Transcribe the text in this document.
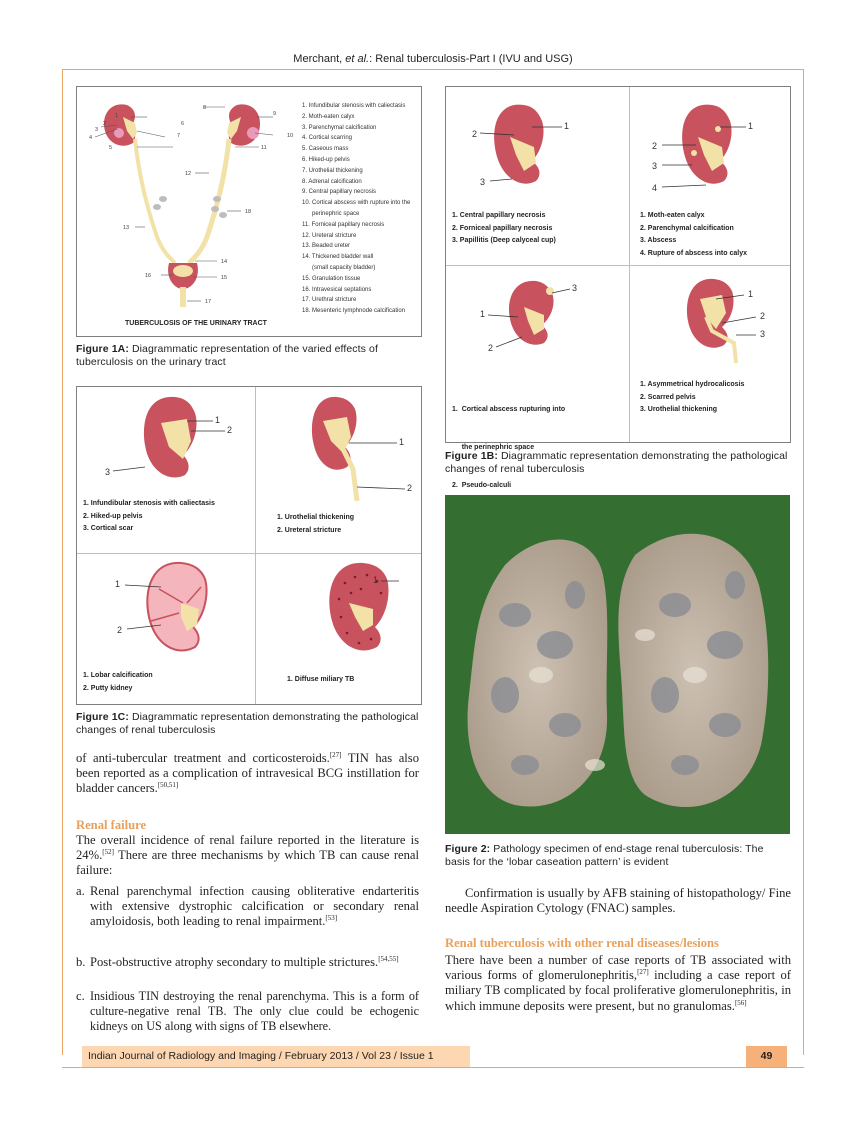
Merchant, et al.: Renal tuberculosis-Part I (IVU and USG)
1
2
3
4
5
6
7
8
9
10
11
12
13
14
15
16
17
18
1. Infundibular stenosis with caliectasis
2. Moth-eaten calyx
3. Parenchymal calcification
4. Cortical scarring
5. Caseous mass
6. Hiked-up pelvis
7. Urothelial thickening
8. Adrenal calcification
9. Central papillary necrosis
10. Cortical abscess with rupture into the
perinephric space
11. Forniceal papillary necrosis
12. Ureteral stricture
13. Beaded ureter
14. Thickened bladder wall
(small capacity bladder)
15. Granulation tissue
16. Intravesical septations
17. Urethral stricture
18. Mesenteric lymphnode calcification
TUBERCULOSIS OF THE URINARY TRACT
Figure 1A: Diagrammatic representation of the varied effects of tuberculosis on the urinary tract
2
1
3
2
3
4
1
1. Central papillary necrosis
2. Forniceal papillary necrosis
3. Papillitis (Deep calyceal cup)
1. Moth-eaten calyx
2. Parenchymal calcification
3. Abscess
4. Rupture of abscess into calyx
1
2
3
1
2
3

1.  Cortical abscess rupturing into

the perinephric space

2.  Pseudo-calculi

1. Asymmetrical hydrocalicosis
2. Scarred pelvis
3. Urothelial thickening
Figure 1B: Diagrammatic representation demonstrating the pathological changes of renal tuberculosis
1
2
3
1
2
1. Infundibular stenosis with caliectasis
2. Hiked-up pelvis
3. Cortical scar
1. Urothelial thickening
2. Ureteral stricture
1
2
1
1. Lobar calcification
2. Putty kidney
1. Diffuse miliary TB
Figure 1C: Diagrammatic representation demonstrating the pathological changes of renal tuberculosis
Figure 2: Pathology specimen of end-stage renal tuberculosis: The basis for the ‘lobar caseation pattern’ is evident
of anti-tubercular treatment and corticosteroids.[27] TIN has also been reported as a complication of intravesical BCG instillation for bladder cancers.[50,51]
Renal failure
The overall incidence of renal failure reported in the literature is 24%.[52] There are three mechanisms by which TB can cause renal failure:
a. Renal parenchymal infection causing obliterative endarteritis with extensive dystrophic calcification or secondary renal amyloidosis, both leading to renal impairment.[53]
b. Post-obstructive atrophy secondary to multiple strictures.[54,55]
c. Insidious TIN destroying the renal parenchyma. This is a form of culture-negative renal TB. The only clue could be echogenic kidneys on US along with signs of TB elsewhere.
Confirmation is usually by AFB staining of histopathology/ Fine needle Aspiration Cytology (FNAC) samples.
Renal tuberculosis with other renal diseases/lesions
There have been a number of case reports of TB associated with various forms of glomerulonephritis,[27] including a case report of miliary TB complicated by focal proliferative glomerulonephritis, in which immune deposits were present, but no granulomas.[56]
Indian Journal of Radiology and Imaging / February 2013 / Vol 23 / Issue 1	49
